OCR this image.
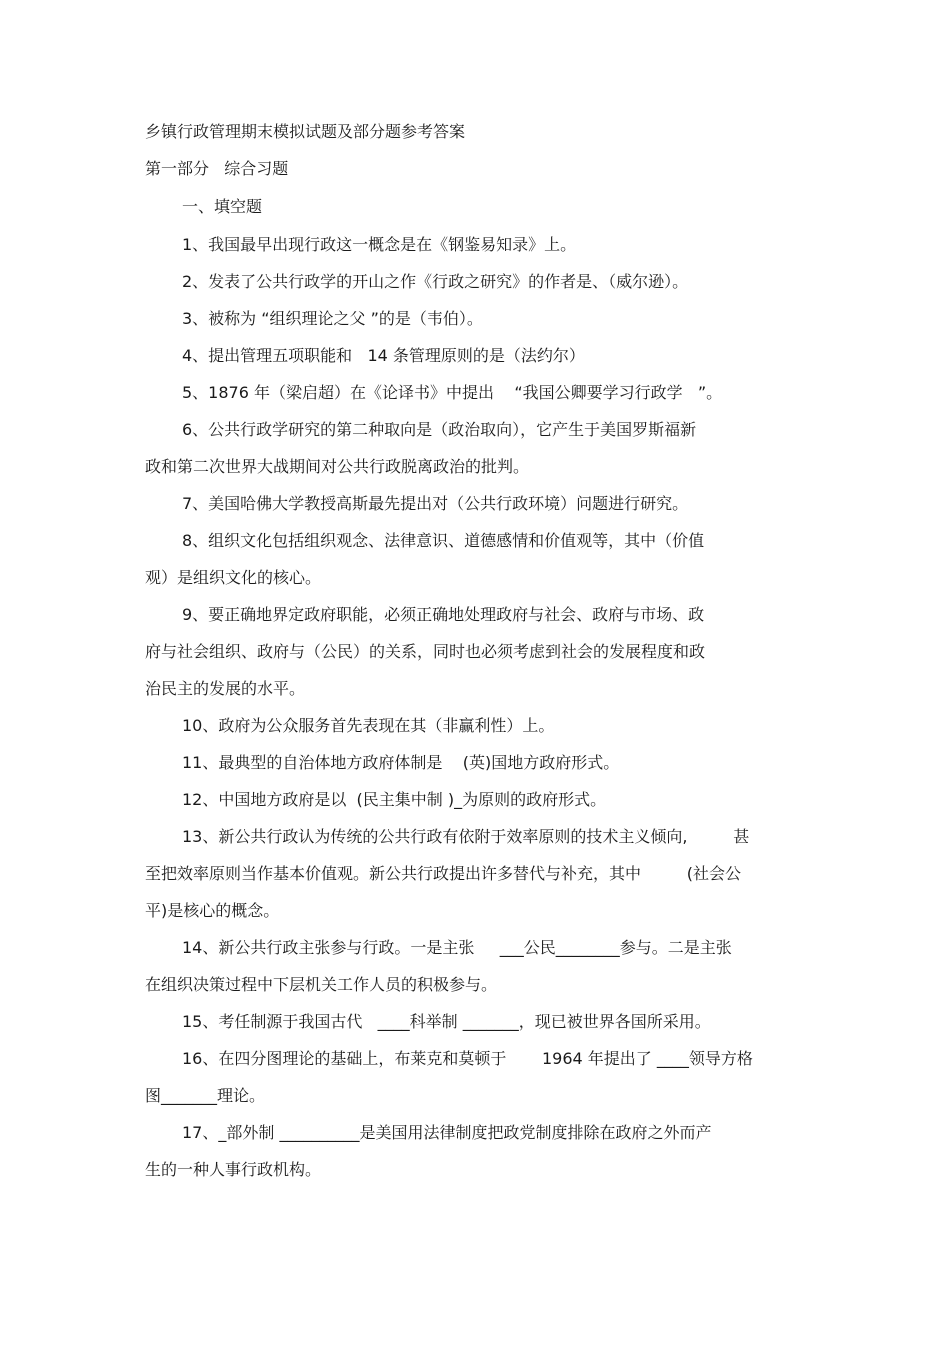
乡镇行政管理期末模拟试题及部分题参考答案

第一部分   综合习题

一、填空题

1、我国最早出现行政这一概念是在《钢鉴易知录》上。
2、发表了公共行政学的开山之作《行政之研究》的作者是、（威尔逊）。
3、被称为 “组织理论之父 ”的是（韦伯）。
4、提出管理五项职能和   14 条管理原则的是（法约尔）
5、1876 年（梁启超）在《论译书》中提出    “我国公卿要学习行政学   ”。
6、公共行政学研究的第二种取向是（政治取向），它产生于美国罗斯福新
政和第二次世界大战期间对公共行政脱离政治的批判。
7、美国哈佛大学教授高斯最先提出对（公共行政环境）问题进行研究。
8、组织文化包括组织观念、法律意识、道德感情和价值观等，其中（价值
观）是组织文化的核心。
9、要正确地界定政府职能，必须正确地处理政府与社会、政府与市场、政
府与社会组织、政府与（公民）的关系，同时也必须考虑到社会的发展程度和政
治民主的发展的水平。
10、政府为公众服务首先表现在其（非赢利性）上。
11、最典型的自治体地方政府体制是    (英)国地方政府形式。
12、中国地方政府是以  (民主集中制 )_为原则的政府形式。
13、新公共行政认为传统的公共行政有依附于效率原则的技术主义倾向,         甚
至把效率原则当作基本价值观。新公共行政提出许多替代与补充，其中         (社会公
平)是核心的概念。
14、新公共行政主张参与行政。一是主张     ___公民________参与。二是主张
在组织决策过程中下层机关工作人员的积极参与。
15、考任制源于我国古代   ____科举制 _______，现已被世界各国所采用。
16、在四分图理论的基础上，布莱克和莫顿于       1964 年提出了 ____领导方格
图_______理论。
17、_部外制 __________是美国用法律制度把政党制度排除在政府之外而产
生的一种人事行政机构。
